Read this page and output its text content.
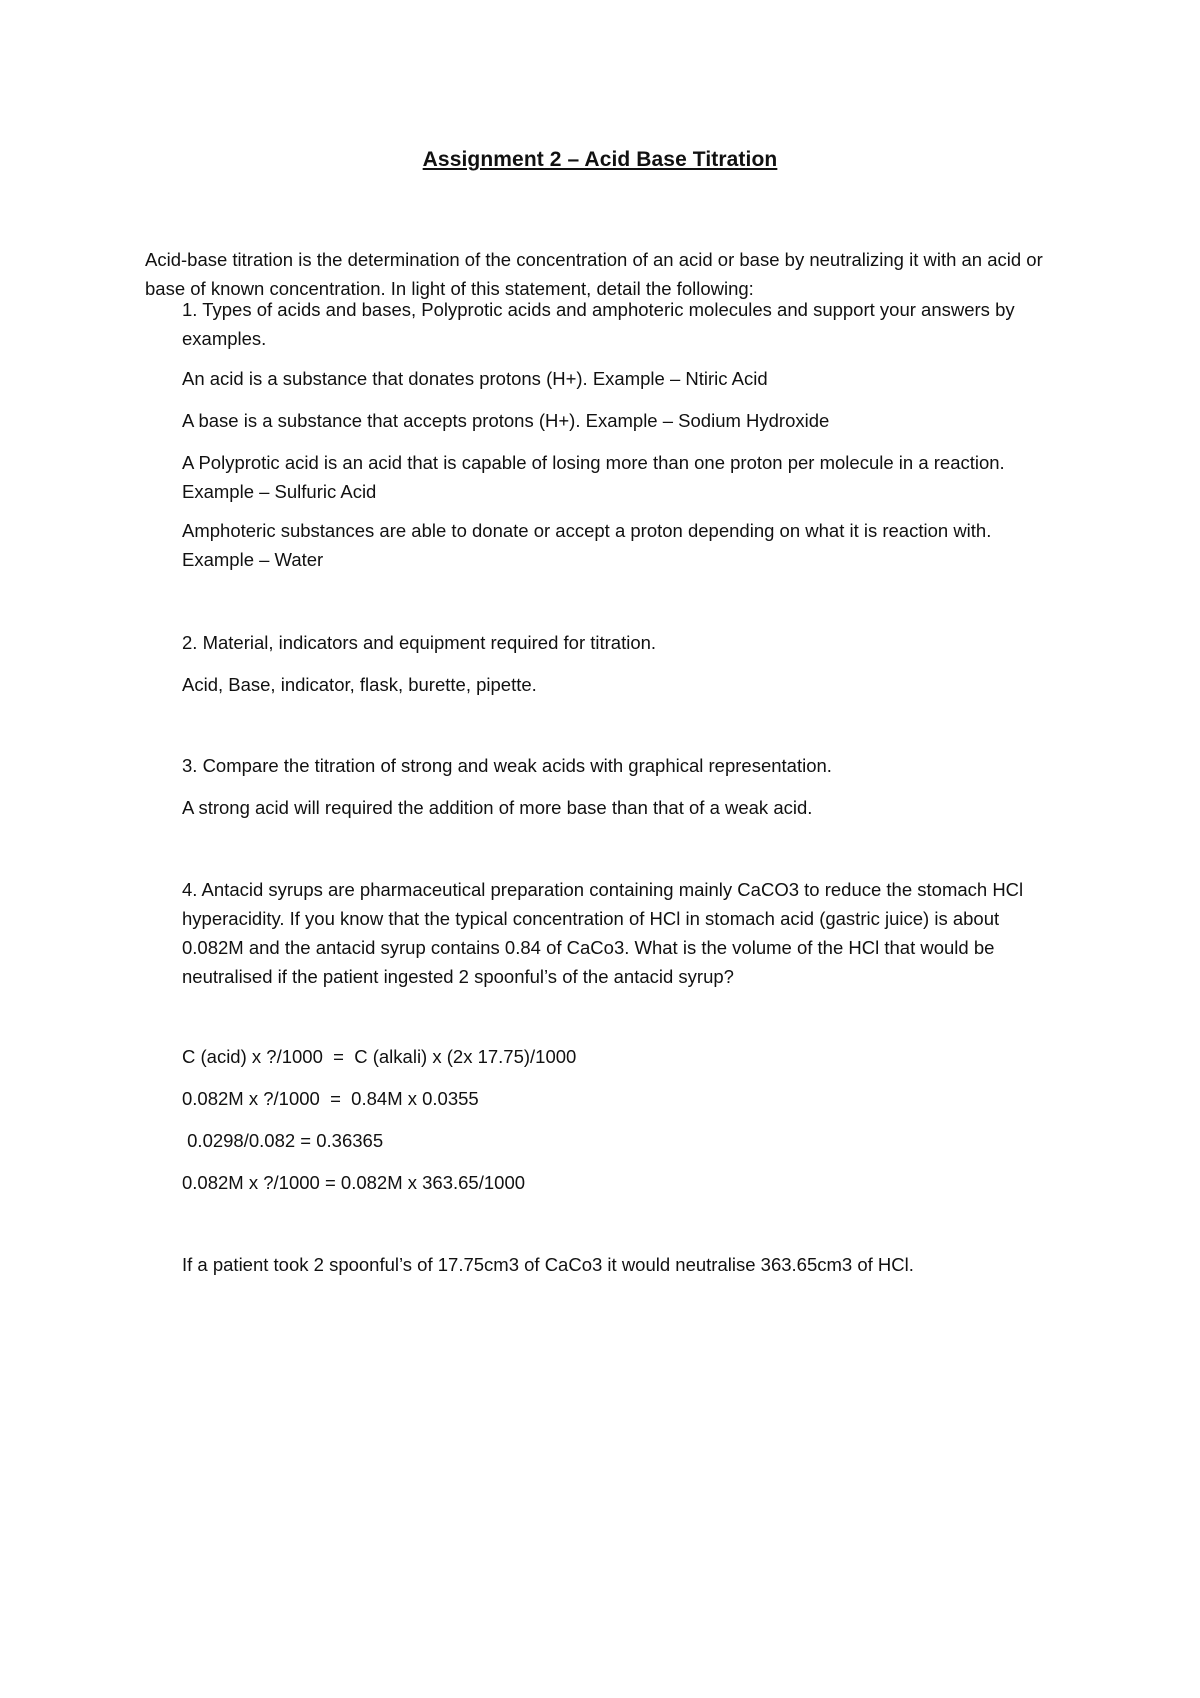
Assignment 2 – Acid Base Titration
Acid-base titration is the determination of the concentration of an acid or base by neutralizing it with an acid or base of known concentration. In light of this statement, detail the following:
1. Types of acids and bases, Polyprotic acids and amphoteric molecules and support your answers by examples.
An acid is a substance that donates protons (H+). Example – Ntiric Acid
A base is a substance that accepts protons (H+). Example – Sodium Hydroxide
A Polyprotic acid is an acid that is capable of losing more than one proton per molecule in a reaction. Example – Sulfuric Acid
Amphoteric substances are able to donate or accept a proton depending on what it is reaction with. Example – Water
2. Material, indicators and equipment required for titration.
Acid, Base, indicator, flask, burette, pipette.
3. Compare the titration of strong and weak acids with graphical representation.
A strong acid will required the addition of more base than that of a weak acid.
4. Antacid syrups are pharmaceutical preparation containing mainly CaCO3 to reduce the stomach HCl hyperacidity. If you know that the typical concentration of HCl in stomach acid (gastric juice) is about 0.082M and the antacid syrup contains 0.84 of CaCo3. What is the volume of the HCl that would be neutralised if the patient ingested 2 spoonful’s of the antacid syrup?
C (acid) x ?/1000  =  C (alkali) x (2x 17.75)/1000
0.082M x ?/1000  =  0.84M x 0.0355
0.0298/0.082 = 0.36365
0.082M x ?/1000 = 0.082M x 363.65/1000
If a patient took 2 spoonful’s of 17.75cm3 of CaCo3 it would neutralise 363.65cm3 of HCl.
